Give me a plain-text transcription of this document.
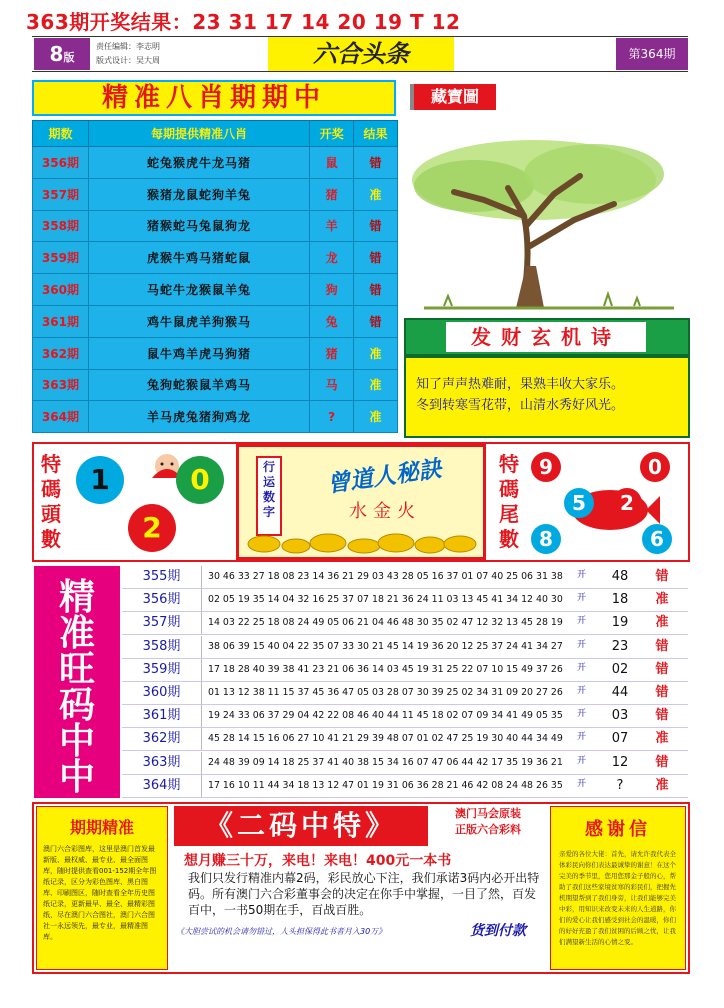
363期开奖结果：23 31 17 14 20 19 T 12
8版
责任编辑：李志明
版式设计：吴大周	六合头条	第364期
精准八肖期期中	藏寶圖
期数	每期提供精准八肖	开奖	结果
356期	蛇兔猴虎牛龙马猪	鼠	错
357期	猴猪龙鼠蛇狗羊兔	猪	准
358期	猪猴蛇马兔鼠狗龙	羊	错
359期	虎猴牛鸡马猪蛇鼠	龙	错
360期	马蛇牛龙猴鼠羊兔	狗	错
361期	鸡牛鼠虎羊狗猴马	兔	错
362期	鼠牛鸡羊虎马狗猪	猪	准
363期	兔狗蛇猴鼠羊鸡马	马	准
364期	羊马虎兔猪狗鸡龙	?	准
发财玄机诗
知了声声热难耐，果熟丰收大家乐。
冬到转寒雪花带，山清水秀好风光。
特
碼
頭
數
1	0
2
行
运
数
字
曾道人秘訣
水金火
特
碼
尾
數
9	0
5	2
8	6
精
准
旺
码
中
中
355期	30 46 33 27 18 08 23 14 36 21 29 03 43 28 05 16 37 01 07 40 25 06 31 38	开	48	错
356期	02 05 19 35 14 04 32 16 25 37 07 18 21 36 24 11 03 13 45 41 34 12 40 30	开	18	准
357期	14 03 22 25 18 08 24 49 05 06 21 04 46 48 30 35 02 47 12 32 13 45 28 19	开	19	准
358期	38 06 39 15 40 04 22 35 07 33 30 21 45 14 19 36 20 12 25 37 24 41 34 27	开	23	错
359期	17 18 28 40 39 38 41 23 21 06 36 14 03 45 19 31 25 22 07 10 15 49 37 26	开	02	错
360期	01 13 12 38 11 15 37 45 36 47 05 03 28 07 30 39 25 02 34 31 09 20 27 26	开	44	错
361期	19 24 33 06 37 29 04 42 22 08 46 40 44 11 45 18 02 07 09 34 41 49 05 35	开	03	错
362期	45 28 14 15 16 06 27 10 41 21 29 39 48 07 01 02 47 25 19 30 40 44 34 49	开	07	准
363期	24 48 39 09 14 18 25 37 41 40 38 15 34 16 07 47 06 44 42 17 35 19 36 21	开	12	错
364期	17 16 10 11 44 34 18 13 12 47 01 19 31 06 36 28 21 46 42 08 24 48 26 35	开	?	准
期期精准

澳门六合彩图库，这里是澳门首发最新版、最权威、最专业、最全面图库，随时提供查看001-152期全年图纸记录，区分为彩色图库、黑白图库、印刷图区，随时查看全年历史图纸记录，更新最早、最全、最精彩图纸，尽在澳门六合图社，澳门六合图社一永远领先，最专业，最精准图库。

《二码中特》	澳门马会原装
正版六合彩料
想月赚三十万，来电！来电！400元一本书
我们只发行精准内幕2码，彩民放心下注，我们承诺3码内必开出特码。所有澳门六合彩董事会的决定在你手中掌握，一目了然，百发百中，一书50期在手，百战百胜。
《大胆尝试的机会请勿错过，人头担保得此书者月入30万》	货到付款
感谢信

亲爱的各位大佬：首先，请允许我代表全体彩民向你们表达最诚挚的谢意！在这个完美的季节里，您用您那金子般的心，帮助了我们这些家境贫寒的彩民们，把握先机期望帮到了我们身旁，让我们能够完美中彩，用知识来改变未来的人生道路，你们的爱心让我们感受到社会的温暖，你们的好好充盈了我们贫困的后顾之忧，让我们满望新生活的心情之变。
